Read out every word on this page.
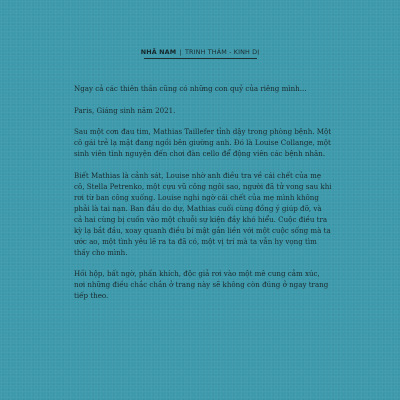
NHÃ NAM | TRINH THÁM - KINH DỊ

Ngay cả các thiên thần cũng có những con quỷ của riêng mình...

Paris, Giáng sinh năm 2021.

Sau một cơn đau tim, Mathias Taillefer tỉnh dậy trong phòng bệnh. Một cô gái trẻ lạ mặt đang ngồi bên giường anh. Đó là Louise Collange, một sinh viên tình nguyện đến chơi đàn cello để động viên các bệnh nhân.

Biết Mathias là cảnh sát, Louise nhờ anh điều tra về cái chết của mẹ cô, Stella Petrenko, một cựu vũ công ngôi sao, người đã tử vong sau khi rơi từ ban công xuống. Louise nghi ngờ cái chết của mẹ mình không phải là tai nạn. Ban đầu do dự, Mathias cuối cùng đồng ý giúp đỡ, và cả hai cùng bị cuốn vào một chuỗi sự kiện đầy khó hiểu. Cuộc điều tra kỳ lạ bắt đầu, xoay quanh điều bí mật gắn liền với một cuộc sống mà ta ước ao, một tình yêu lẽ ra ta đã có, một vị trí mà ta vẫn hy vọng tìm thấy cho mình.

Hồi hộp, bất ngờ, phấn khích, độc giả rơi vào một mê cung cảm xúc, nơi những điều chắc chắn ở trang này sẽ không còn đúng ở ngay trang tiếp theo.
